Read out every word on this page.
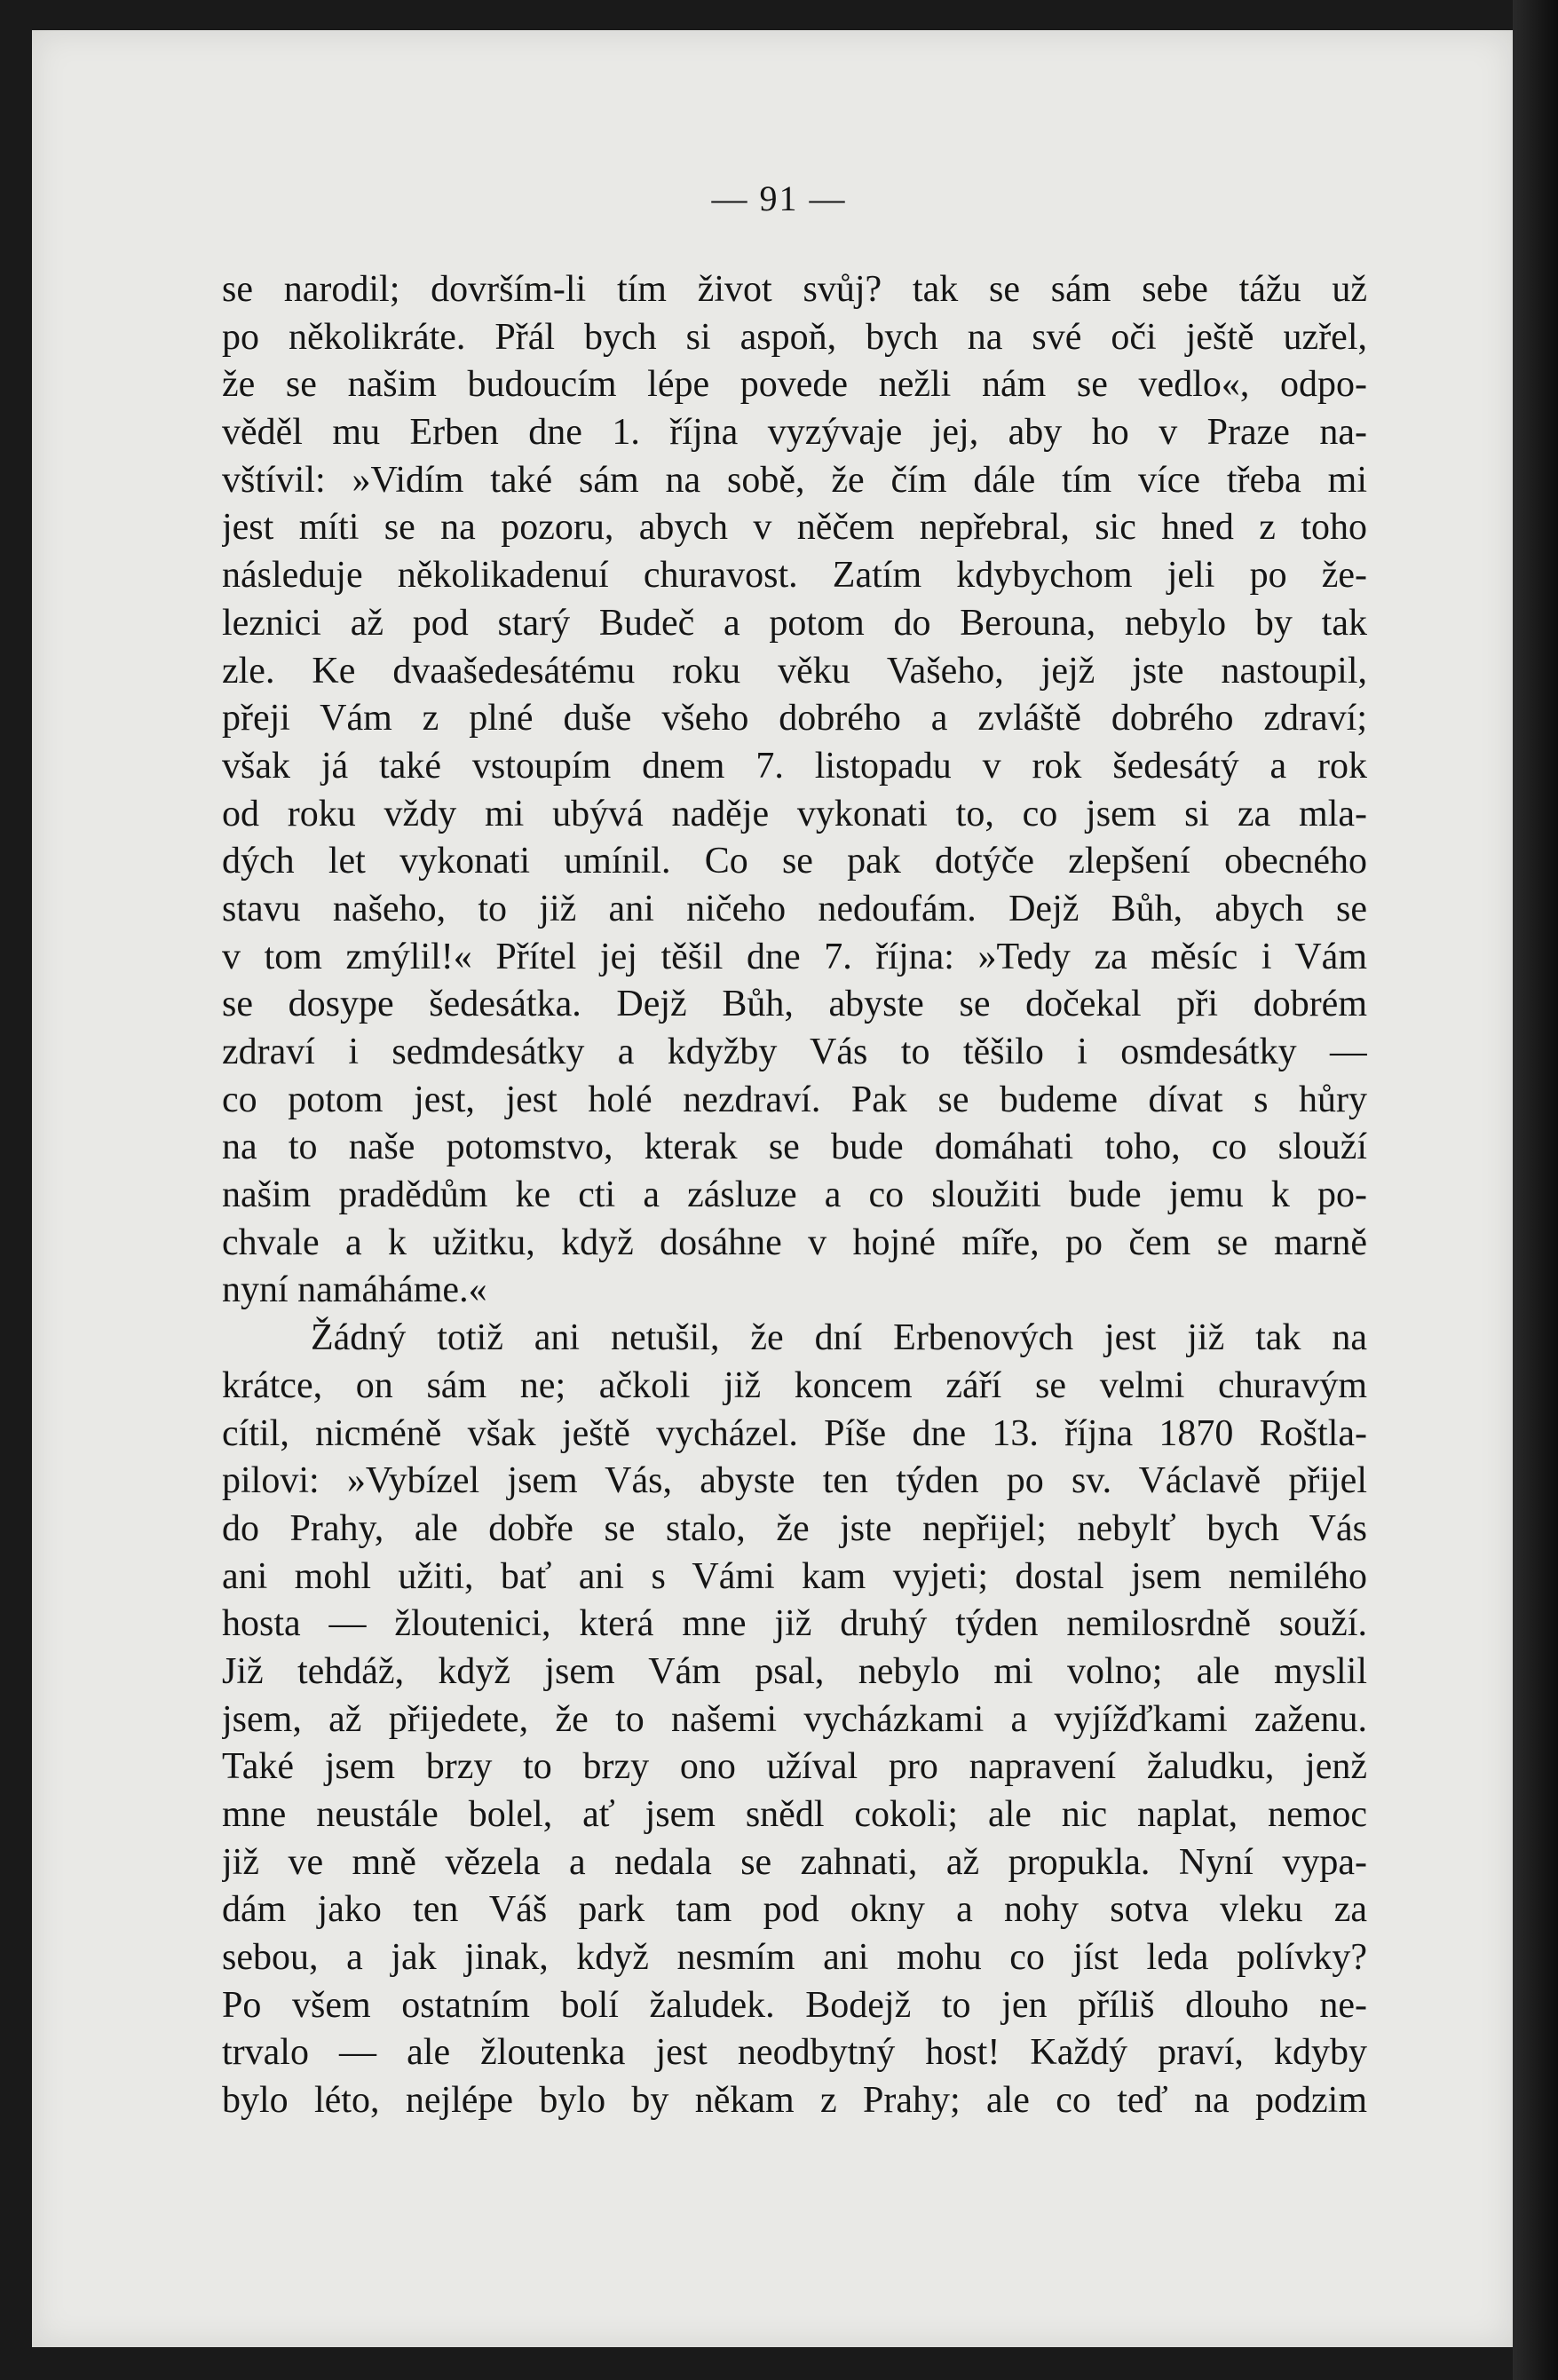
— 91 —
se narodil; dovrším-li tím život svůj? tak se sám sebe tážu už
po několikráte. Přál bych si aspoň, bych na své oči ještě uzřel,
že se našim budoucím lépe povede nežli nám se vedlo«, odpo-
věděl mu Erben dne 1. října vyzývaje jej, aby ho v Praze na-
vštívil: »Vidím také sám na sobě, že čím dále tím více třeba mi
jest míti se na pozoru, abych v něčem nepřebral, sic hned z toho
následuje několikadenuí churavost. Zatím kdybychom jeli po že-
leznici až pod starý Budeč a potom do Berouna, nebylo by tak
zle. Ke dvaašedesátému roku věku Vašeho, jejž jste nastoupil,
přeji Vám z plné duše všeho dobrého a zvláště dobrého zdraví;
však já také vstoupím dnem 7. listopadu v rok šedesátý a rok
od roku vždy mi ubývá naděje vykonati to, co jsem si za mla-
dých let vykonati umínil. Co se pak dotýče zlepšení obecného
stavu našeho, to již ani ničeho nedoufám. Dejž Bůh, abych se
v tom zmýlil!« Přítel jej těšil dne 7. října: »Tedy za měsíc i Vám
se dosype šedesátka. Dejž Bůh, abyste se dočekal při dobrém
zdraví i sedmdesátky a kdyžby Vás to těšilo i osmdesátky —
co potom jest, jest holé nezdraví. Pak se budeme dívat s hůry
na to naše potomstvo, kterak se bude domáhati toho, co slouží
našim pradědům ke cti a zásluze a co sloužiti bude jemu k po-
chvale a k užitku, když dosáhne v hojné míře, po čem se marně
nyní namáháme.«
Žádný totiž ani netušil, že dní Erbenových jest již tak na
krátce, on sám ne; ačkoli již koncem září se velmi churavým
cítil, nicméně však ještě vycházel. Píše dne 13. října 1870 Roštla-
pilovi: »Vybízel jsem Vás, abyste ten týden po sv. Václavě přijel
do Prahy, ale dobře se stalo, že jste nepřijel; nebylť bych Vás
ani mohl užiti, bať ani s Vámi kam vyjeti; dostal jsem nemilého
hosta — žloutenici, která mne již druhý týden nemilosrdně souží.
Již tehdáž, když jsem Vám psal, nebylo mi volno; ale myslil
jsem, až přijedete, že to našemi vycházkami a vyjížďkami zaženu.
Také jsem brzy to brzy ono užíval pro napravení žaludku, jenž
mne neustále bolel, ať jsem snědl cokoli; ale nic naplat, nemoc
již ve mně vězela a nedala se zahnati, až propukla. Nyní vypa-
dám jako ten Váš park tam pod okny a nohy sotva vleku za
sebou, a jak jinak, když nesmím ani mohu co jíst leda polívky?
Po všem ostatním bolí žaludek. Bodejž to jen příliš dlouho ne-
trvalo — ale žloutenka jest neodbytný host! Každý praví, kdyby
bylo léto, nejlépe bylo by někam z Prahy; ale co teď na podzim
